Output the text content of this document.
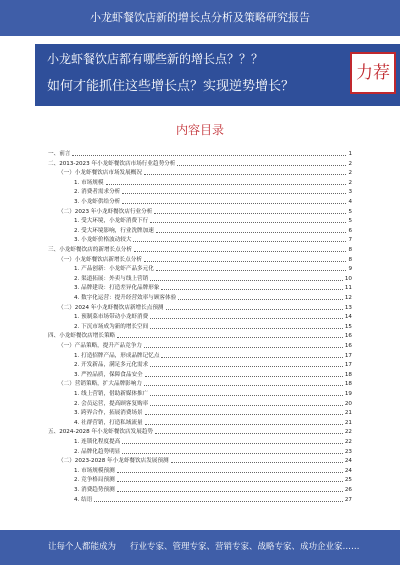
小龙虾餐饮店新的增长点分析及策略研究报告
小龙虾餐饮店都有哪些新的增长点？？？
如何才能抓住这些增长点？实现逆势增长？
力荐
内容目录
一、前言	1
二、2013-2023 年小龙虾餐饮店市场行业趋势分析	2
（一）小龙虾餐饮店市场发展概况	2
1. 市场规模	2
2. 消费者需求分析	3
3. 小龙虾供给分析	4
（二）2023 年小龙虾餐饮店行业分析	5
1. 受大环境，小龙虾消费下行	5
2. 受大环境影响，行业洗牌加速	6
3. 小龙虾价格波动较大	7
三、小龙虾餐饮店的新增长点分析	8
（一）小龙虾餐饮店新增长点分析	8
1. 产品创新：小龙虾产品多元化	9
2. 渠道拓展：外卖与线上营销	10
3. 品牌建设：打造差异化品牌形象	11
4. 数字化运营：提升经营效率与顾客体验	12
（二）2024 年小龙虾餐饮店新增长点预测	13
1. 预制菜市场带动小龙虾消费	14
2. 下沉市场成为新的增长空间	15
四、小龙虾餐饮店增长策略	16
（一）产品策略，提升产品竞争力	16
1. 打造招牌产品，形成品牌记忆点	17
2. 开发新品，满足多元化需求	17
3. 严控品质，保障食品安全	18
（二）营销策略，扩大品牌影响力	18
1. 线上营销，借助新媒体推广	19
2. 会员运营，提高顾客复购率	20
3. 跨界合作，拓展消费场景	21
4. 社群营销，打造私域流量	21
五、2024-2028 年小龙虾餐饮店发展趋势	22
1. 连锁化程度提高	22
2. 品牌化趋势明显	23
（二）2023-2028 年小龙虾餐饮店发展预测	24
1. 市场规模预测	24
2. 竞争格局预测	25
3. 消费趋势预测	26
4. 结语	27
让每个人都能成为 行业专家、管理专家、营销专家、战略专家、成功企业家……
